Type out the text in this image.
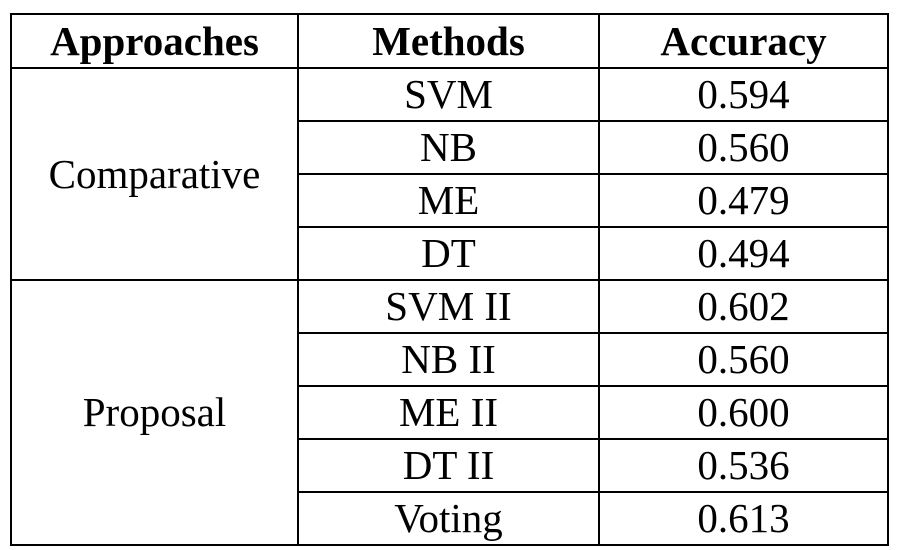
Approaches	Methods	Accuracy
Comparative	SVM	0.594
	NB	0.560
	ME	0.479
	DT	0.494
Proposal	SVM II	0.602
	NB II	0.560
	ME II	0.600
	DT II	0.536
	Voting	0.613
